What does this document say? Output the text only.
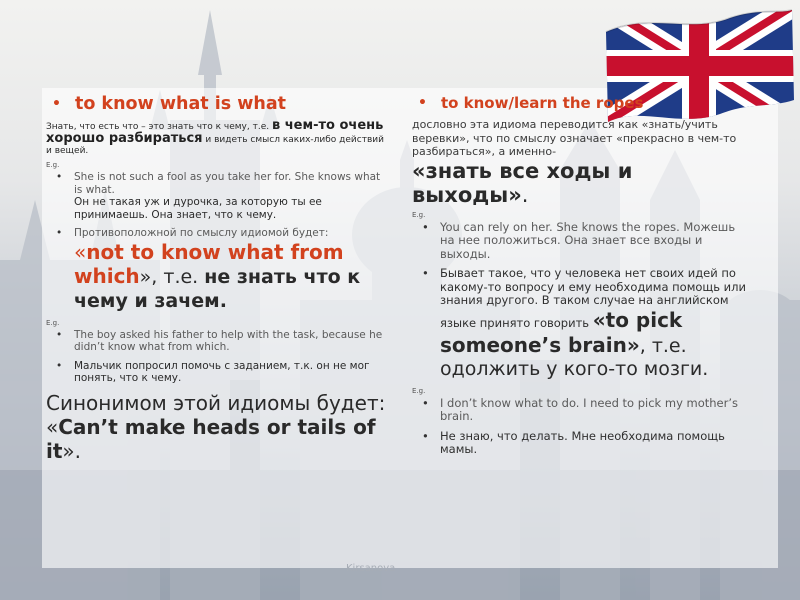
• to know what is what

Знать, что есть что – это знать что к чему, т.е. в чем-то очень хорошо разбираться и видеть смысл каких-либо действий и вещей.

E.g.
• She is not such a fool as you take her for. She knows what is what.
Он не такая уж и дурочка, за которую ты ее принимаешь. Она знает, что к чему.
• Противоположной по смыслу идиомой будет:
«not to know what from which», т.е. не знать что к чему и зачем.
E.g.
• The boy asked his father to help with the task, because he didn’t know what from which.
• Мальчик попросил помочь с заданием, т.к. он не мог понять, что к чему.
Синонимом этой идиомы будет: «Can’t make heads or tails of it».
• to know/learn the ropes

дословно эта идиома переводится как «знать/учить веревки», что по смыслу означает «прекрасно в чем-то разбираться», а именно-
«знать все ходы и выходы».

E.g.
• You can rely on her. She knows the ropes. Можешь на нее положиться. Она знает все входы и выходы.
• Бывает такое, что у человека нет своих идей по какому-то вопросу и ему необходима помощь или знания другого. В таком случае на английском языке принято говорить «to pick someone’s brain», т.е. одолжить у кого-то мозги.
E.g.
• I don’t know what to do. I need to pick my mother’s brain.
• Не знаю, что делать. Мне необходима помощь мамы.
Kirsanova
